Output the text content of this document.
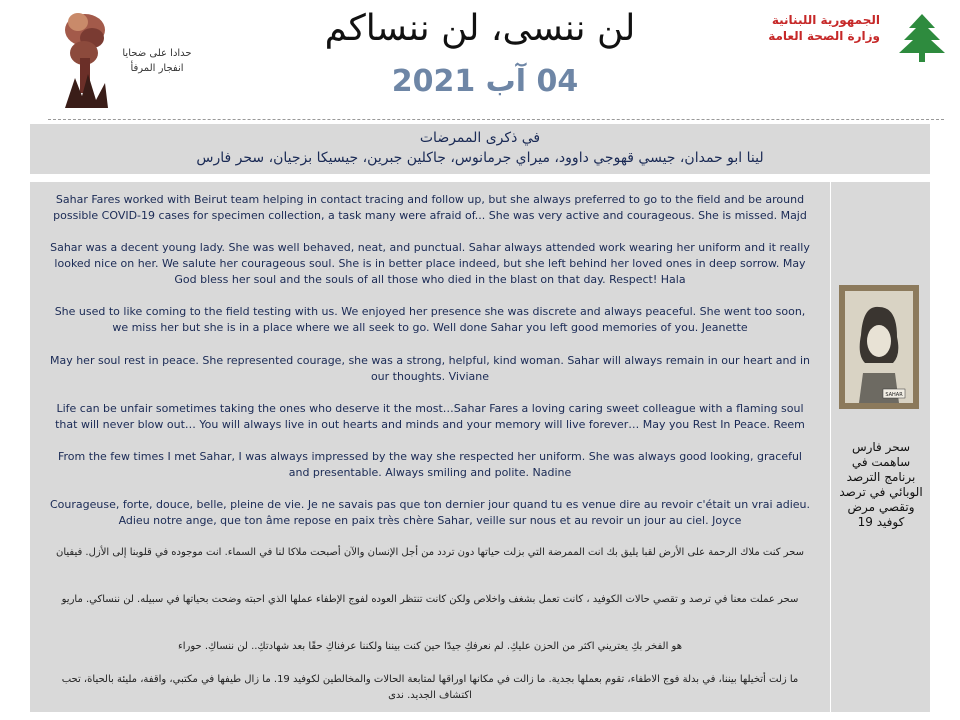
حدادا على ضحايا
انفجار المرفأ
لن ننسى، لن ننساكم
04 آب 2021
الجمهورية اللبنانية
وزارة الصحة العامة
في ذكرى الممرضات
لينا ابو حمدان، جيسي قهوجي داوود، ميراي جرمانوس، جاكلين جبرين، جيسيكا بزجيان، سحر فارس
Sahar Fares worked with Beirut team helping in contact tracing and follow up, but she always preferred to go to the field and be around possible COVID-19 cases for specimen collection, a task many were afraid of... She was very active and courageous. She is missed. Majd
Sahar was a decent young lady. She was well behaved, neat, and punctual. Sahar always attended work wearing her uniform and it really looked nice on her. We salute her courageous soul. She is in better place indeed, but she left behind her loved ones in deep sorrow. May God bless her soul and the souls of all those who died in the blast on that day. Respect! Hala
She used to like coming to the field testing with us. We enjoyed her presence she was discrete and always peaceful. She went too soon, we miss her but she is in a place where we all seek to go. Well done Sahar you left good memories of you. Jeanette
May her soul rest in peace. She represented courage, she was a strong, helpful, kind woman. Sahar will always remain in our heart and in our thoughts. Viviane
Life can be unfair sometimes taking the ones who deserve it the most…Sahar Fares a loving caring sweet colleague with a flaming soul that will never blow out… You will always live in out hearts and minds and your memory will live forever… May you Rest In Peace. Reem
From the few times I met Sahar, I was always impressed by the way she respected her uniform. She was always good looking, graceful and presentable. Always smiling and polite. Nadine
Courageuse, forte, douce, belle, pleine de vie. Je ne savais pas que ton dernier jour quand tu es venue dire au revoir c'était un vrai adieu. Adieu notre ange, que ton âme repose en paix très chère Sahar, veille sur nous et au revoir un jour au ciel. Joyce
سحر كنت ملاك الرحمة على الأرض لقبا يليق بك انت الممرضة التي بزلت حياتها دون تردد من أجل الإنسان والآن أصبحت ملاكا لنا في السماء. انت موجوده في قلوبنا إلى الأزل. فيفيان
سحر عملت معنا في ترصد و تقصي حالات الكوفيد ، كانت تعمل بشغف واخلاص ولكن كانت تنتظر العوده لفوج الإطفاء عملها الذي احبته وضحت بحياتها في سبيله. لن ننساكي. ماريو
هو الفخر بكِ يعتريني اكثر من الحزن عليكِ. لم نعرفكِ جيدًا حين كنت بيننا ولكننا عرفناكِ حقًا بعد شهادتكِ.. لن ننساكِ. حوراء
ما زلت أتخيلها بيننا، في بدلة فوج الاطفاء، تقوم بعملها بجدية. ما زالت في مكانها اوراقها لمتابعة الحالات والمخالطين لكوفيد 19. ما زال طيفها في مكتبي، واقفة، مليئة بالحياة، تحب اكتشاف الجديد. ندى
SAHAR
سحر فارس ساهمت في برنامج الترصد الوبائي في ترصد وتقصي مرض كوفيد 19
